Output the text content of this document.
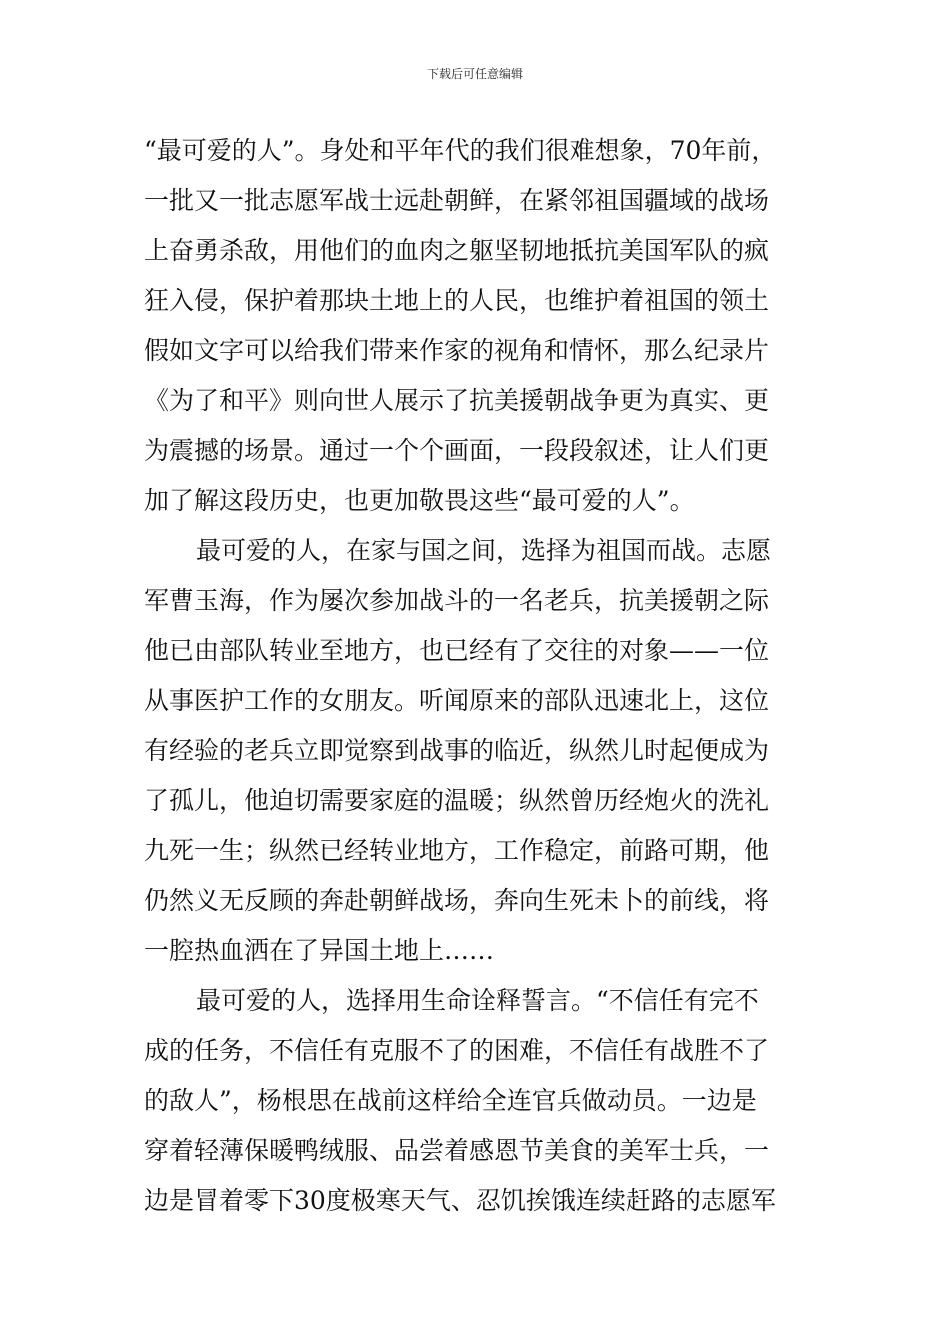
下载后可任意编辑
“最可爱的人”。身处和平年代的我们很难想象，70年前，
一批又一批志愿军战士远赴朝鲜，在紧邻祖国疆域的战场
上奋勇杀敌，用他们的血肉之躯坚韧地抵抗美国军队的疯
狂入侵，保护着那块土地上的人民，也维护着祖国的领土
假如文字可以给我们带来作家的视角和情怀，那么纪录片
《为了和平》则向世人展示了抗美援朝战争更为真实、更
为震撼的场景。通过一个个画面，一段段叙述，让人们更
加了解这段历史，也更加敬畏这些“最可爱的人”。
最可爱的人，在家与国之间，选择为祖国而战。志愿
军曹玉海，作为屡次参加战斗的一名老兵，抗美援朝之际
他已由部队转业至地方，也已经有了交往的对象——一位
从事医护工作的女朋友。听闻原来的部队迅速北上，这位
有经验的老兵立即觉察到战事的临近，纵然儿时起便成为
了孤儿，他迫切需要家庭的温暖；纵然曾历经炮火的洗礼
九死一生；纵然已经转业地方，工作稳定，前路可期，他
仍然义无反顾的奔赴朝鲜战场，奔向生死未卜的前线，将
一腔热血洒在了异国土地上……
最可爱的人，选择用生命诠释誓言。“不信任有完不
成的任务，不信任有克服不了的困难，不信任有战胜不了
的敌人”，杨根思在战前这样给全连官兵做动员。一边是
穿着轻薄保暖鸭绒服、品尝着感恩节美食的美军士兵，一
边是冒着零下30度极寒天气、忍饥挨饿连续赶路的志愿军
